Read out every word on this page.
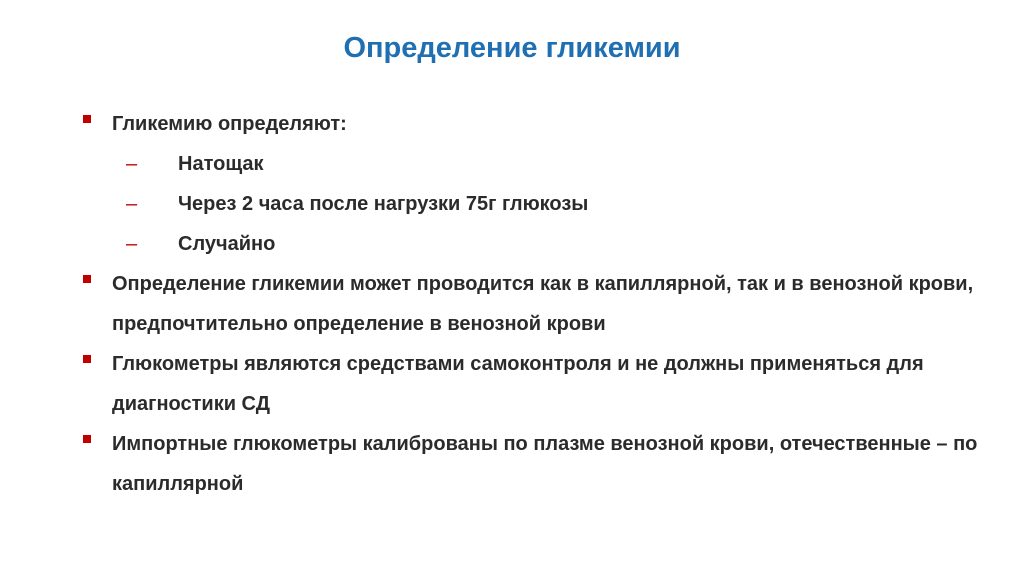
Определение гликемии
Гликемию определяют:
– Натощак
– Через 2 часа после нагрузки 75г глюкозы
– Случайно
Определение гликемии может проводится как в капиллярной, так и в венозной крови, предпочтительно определение в венозной крови
Глюкометры являются средствами самоконтроля и не должны применяться для диагностики СД
Импортные глюкометры калиброваны по плазме венозной крови, отечественные – по капиллярной
